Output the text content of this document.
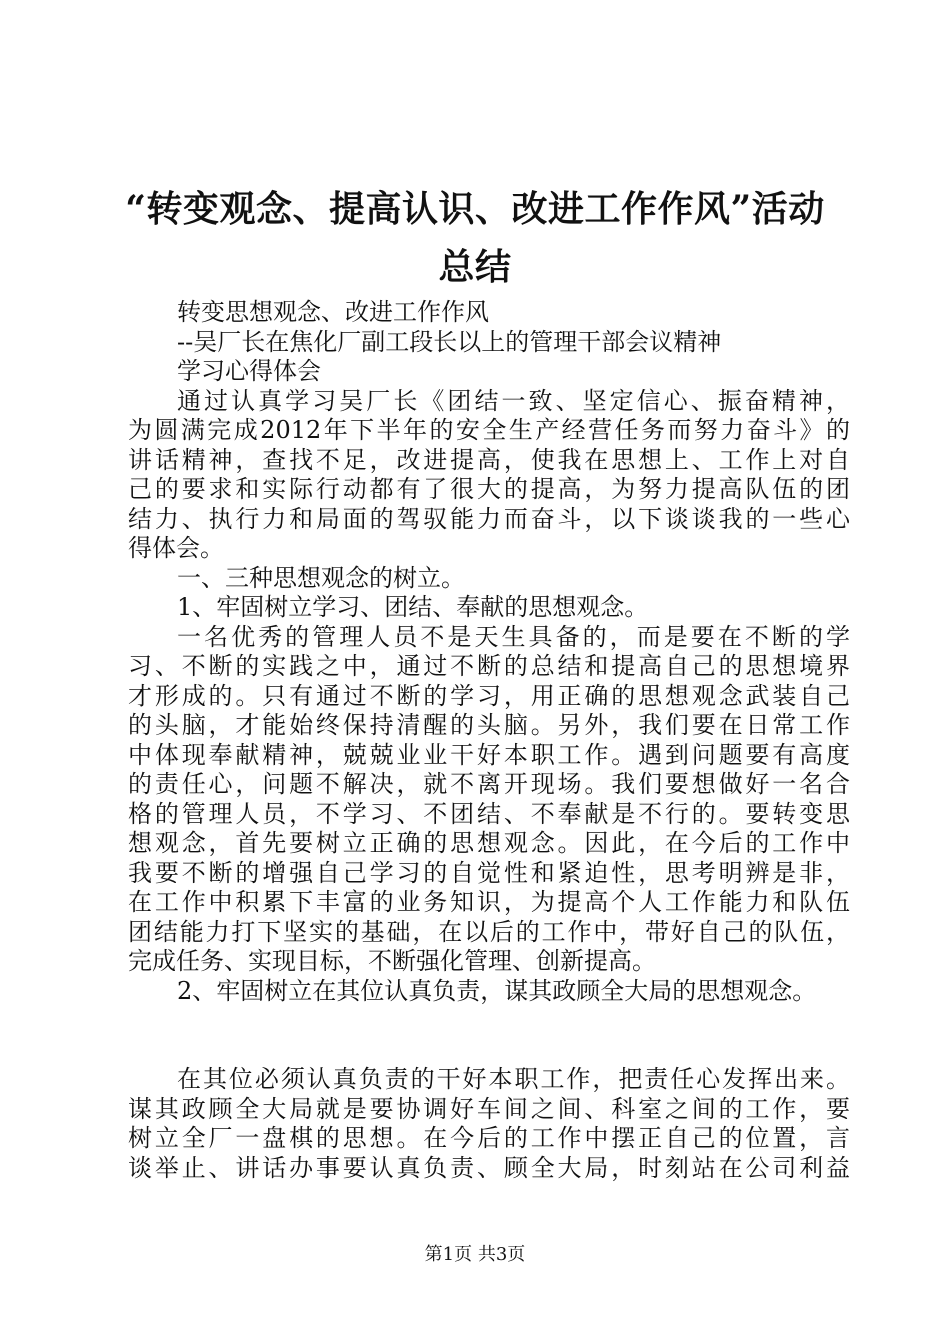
“转变观念、提高认识、改进工作作风”活动
总结
转变思想观念、改进工作作风
--吴厂长在焦化厂副工段长以上的管理干部会议精神
学习心得体会
通过认真学习吴厂长《团结一致、坚定信心、振奋精神，
为圆满完成2012年下半年的安全生产经营任务而努力奋斗》的
讲话精神，查找不足，改进提高，使我在思想上、工作上对自
己的要求和实际行动都有了很大的提高，为努力提高队伍的团
结力、执行力和局面的驾驭能力而奋斗，以下谈谈我的一些心
得体会。
一、三种思想观念的树立。
1、牢固树立学习、团结、奉献的思想观念。
一名优秀的管理人员不是天生具备的，而是要在不断的学
习、不断的实践之中，通过不断的总结和提高自己的思想境界
才形成的。只有通过不断的学习，用正确的思想观念武装自己
的头脑，才能始终保持清醒的头脑。另外，我们要在日常工作
中体现奉献精神，兢兢业业干好本职工作。遇到问题要有高度
的责任心，问题不解决，就不离开现场。我们要想做好一名合
格的管理人员，不学习、不团结、不奉献是不行的。要转变思
想观念，首先要树立正确的思想观念。因此，在今后的工作中
我要不断的增强自己学习的自觉性和紧迫性，思考明辨是非，
在工作中积累下丰富的业务知识，为提高个人工作能力和队伍
团结能力打下坚实的基础，在以后的工作中，带好自己的队伍，
完成任务、实现目标，不断强化管理、创新提高。
2、牢固树立在其位认真负责，谋其政顾全大局的思想观念。
在其位必须认真负责的干好本职工作，把责任心发挥出来。
谋其政顾全大局就是要协调好车间之间、科室之间的工作，要
树立全厂一盘棋的思想。在今后的工作中摆正自己的位置，言
谈举止、讲话办事要认真负责、顾全大局，时刻站在公司利益
第1页 共3页
